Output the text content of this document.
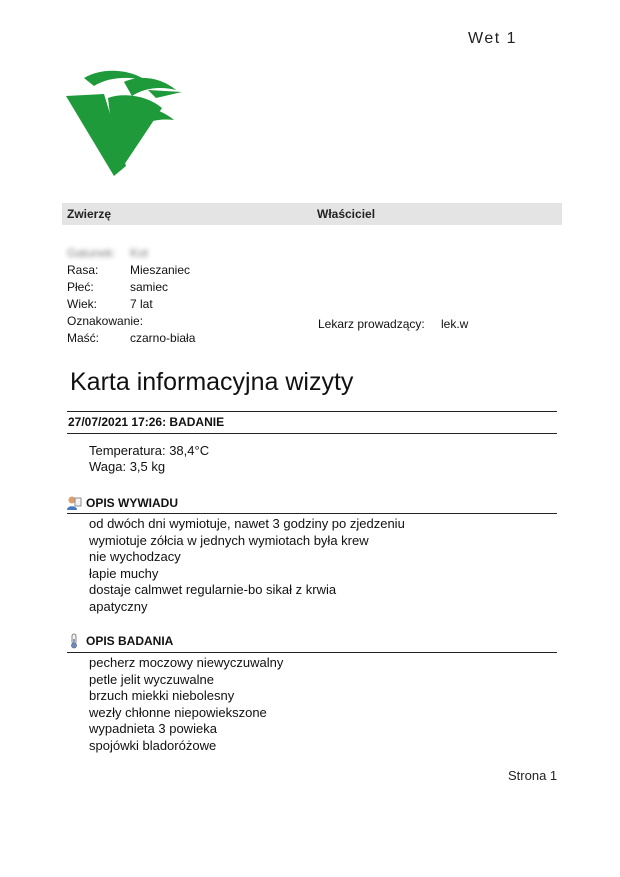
Wet 1
Zwierzę	Właściciel
Gatunek: Kot
Rasa:	Mieszaniec
Płeć:	samiec
Wiek:	7 lat
Oznakowanie:
Maść:	czarno-biała
Lekarz prowadzący: lek.w
Karta informacyjna wizyty
27/07/2021 17:26: BADANIE
Temperatura: 38,4°C
Waga: 3,5 kg
OPIS WYWIADU
od dwóch dni wymiotuje, nawet 3 godziny po zjedzeniu
wymiotuje zółcia w jednych wymiotach była krew
nie wychodzacy
łapie muchy
dostaje calmwet regularnie-bo sikał z krwia
apatyczny
OPIS BADANIA
pecherz moczowy niewyczuwalny
petle jelit wyczuwalne
brzuch miekki niebolesny
wezły chłonne niepowiekszone
wypadnieta 3 powieka
spojówki bladoróżowe
Strona 1
